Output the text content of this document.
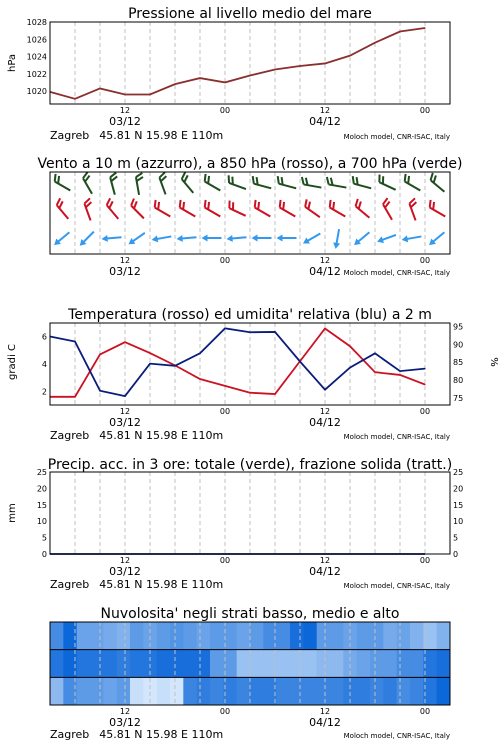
Pressione al livello medio del mare
hPa
1020
1022
1024
1026
1028
12	00	12	00
03/12	04/12
Zagreb 45.81 N 15.98 E 110m	Moloch model, CNR-ISAC, Italy
Vento a 10 m (azzurro), a 850 hPa (rosso), a 700 hPa (verde)
12	00	12	00
03/12	04/12 Moloch model, CNR-ISAC, Italy
Temperatura (rosso) ed umidita' relativa (blu) a 2 m
gradi C	%
2
4
6
75
80
85
90
95
12	00	12	00
03/12	04/12
Zagreb 45.81 N 15.98 E 110m	Moloch model, CNR-ISAC, Italy
Precip. acc. in 3 ore: totale (verde), frazione solida (tratt.)
mm
0
5
10
15
20
25
0
5
10
15
20
25
12	00	12	00
03/12	04/12
Zagreb 45.81 N 15.98 E 110m	Moloch model, CNR-ISAC, Italy
Nuvolosita' negli strati basso, medio e alto
12	00	12	00
03/12	04/12
Zagreb 45.81 N 15.98 E 110m	Moloch model, CNR-ISAC, Italy
